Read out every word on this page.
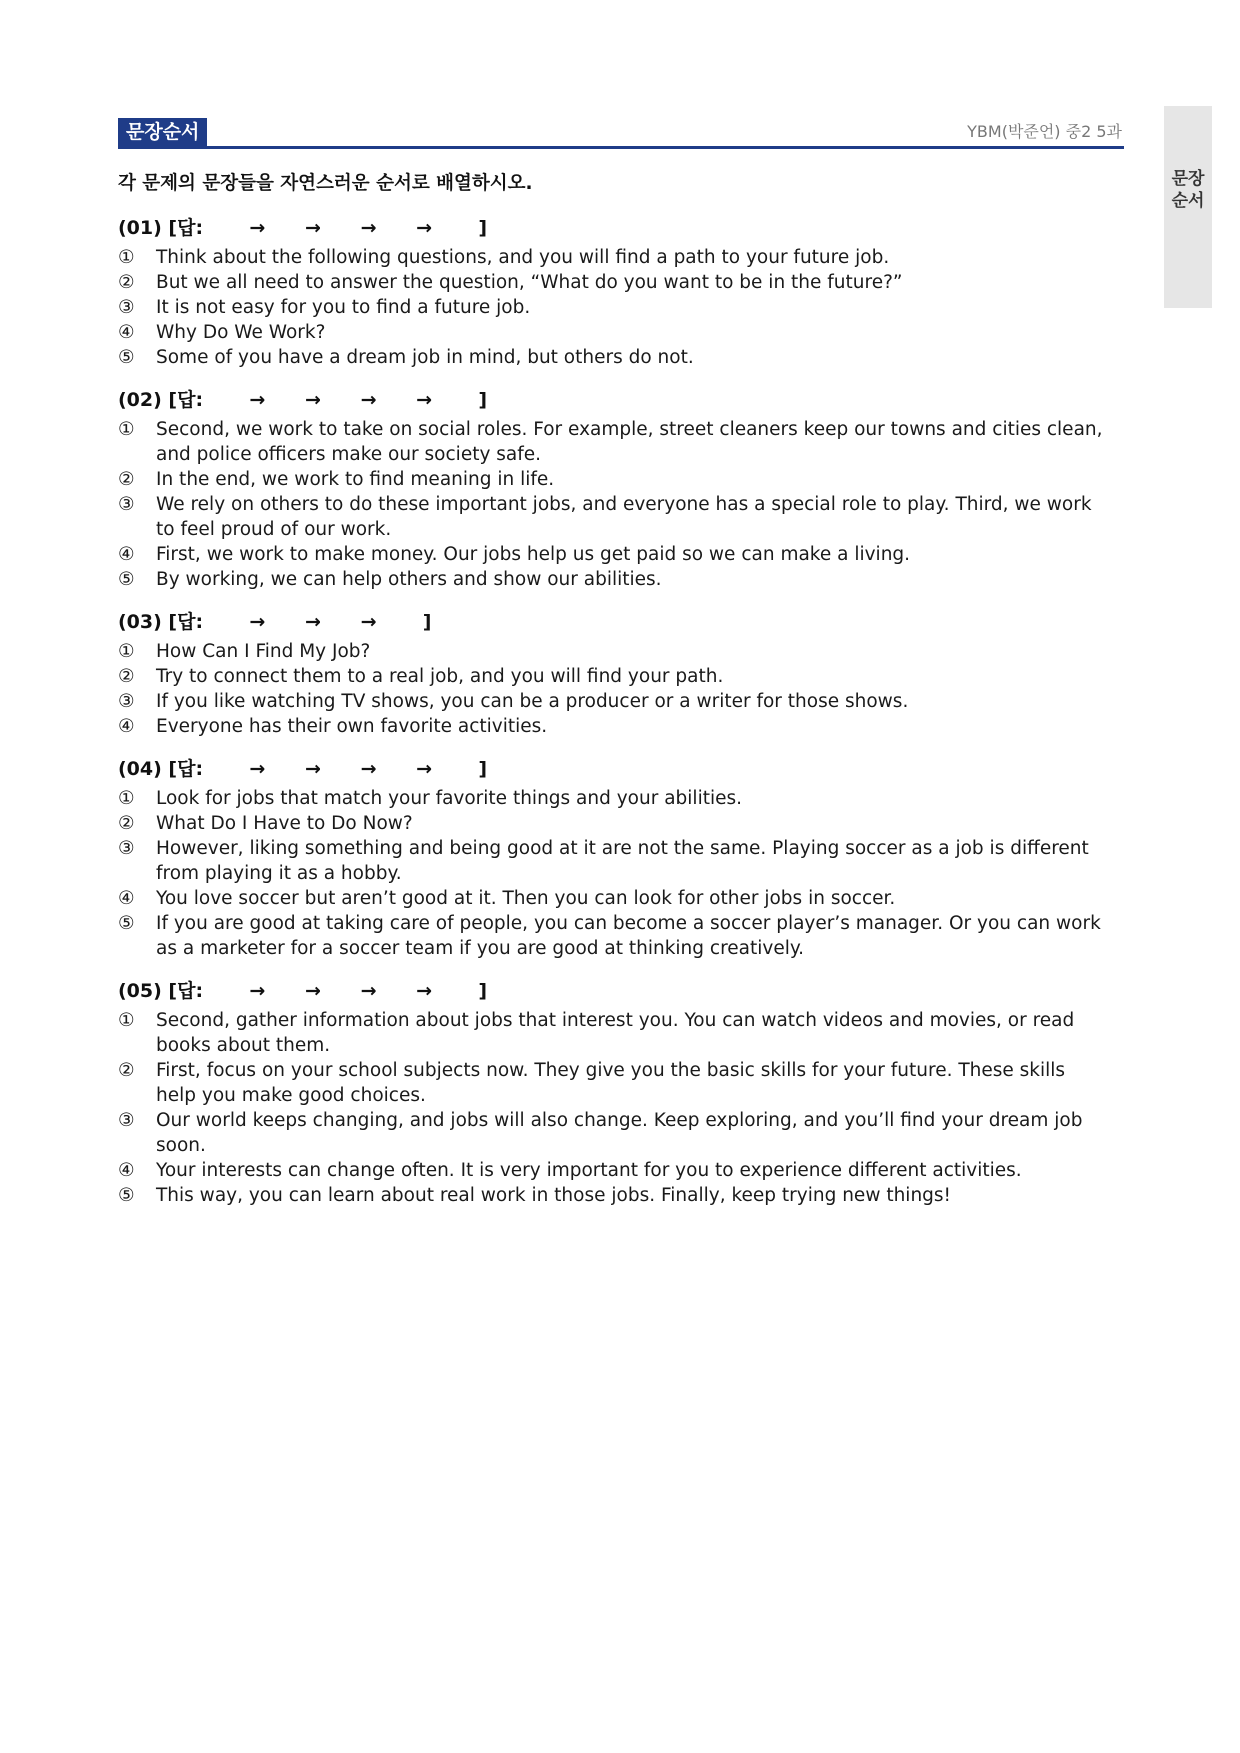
문장순서	YBM(박준언) 중2 5과
문장순서
각 문제의 문장들을 자연스러운 순서로 배열하시오.
(01) [답:       →      →      →      →       ]
①	Think about the following questions, and you will find a path to your future job.
②	But we all need to answer the question, “What do you want to be in the future?”
③	It is not easy for you to find a future job.
④	Why Do We Work?
⑤	Some of you have a dream job in mind, but others do not.
(02) [답:       →      →      →      →       ]
①	Second, we work to take on social roles. For example, street cleaners keep our towns and cities clean, and police officers make our society safe.
②	In the end, we work to find meaning in life.
③	We rely on others to do these important jobs, and everyone has a special role to play. Third, we work to feel proud of our work.
④	First, we work to make money. Our jobs help us get paid so we can make a living.
⑤	By working, we can help others and show our abilities.
(03) [답:       →      →      →       ]
①	How Can I Find My Job?
②	Try to connect them to a real job, and you will find your path.
③	If you like watching TV shows, you can be a producer or a writer for those shows.
④	Everyone has their own favorite activities.
(04) [답:       →      →      →      →       ]
①	Look for jobs that match your favorite things and your abilities.
②	What Do I Have to Do Now?
③	However, liking something and being good at it are not the same. Playing soccer as a job is different from playing it as a hobby.
④	You love soccer but aren’t good at it. Then you can look for other jobs in soccer.
⑤	If you are good at taking care of people, you can become a soccer player’s manager. Or you can work as a marketer for a soccer team if you are good at thinking creatively.
(05) [답:       →      →      →      →       ]
①	Second, gather information about jobs that interest you. You can watch videos and movies, or read books about them.
②	First, focus on your school subjects now. They give you the basic skills for your future. These skills help you make good choices.
③	Our world keeps changing, and jobs will also change. Keep exploring, and you’ll find your dream job soon.
④	Your interests can change often. It is very important for you to experience different activities.
⑤	This way, you can learn about real work in those jobs. Finally, keep trying new things!
